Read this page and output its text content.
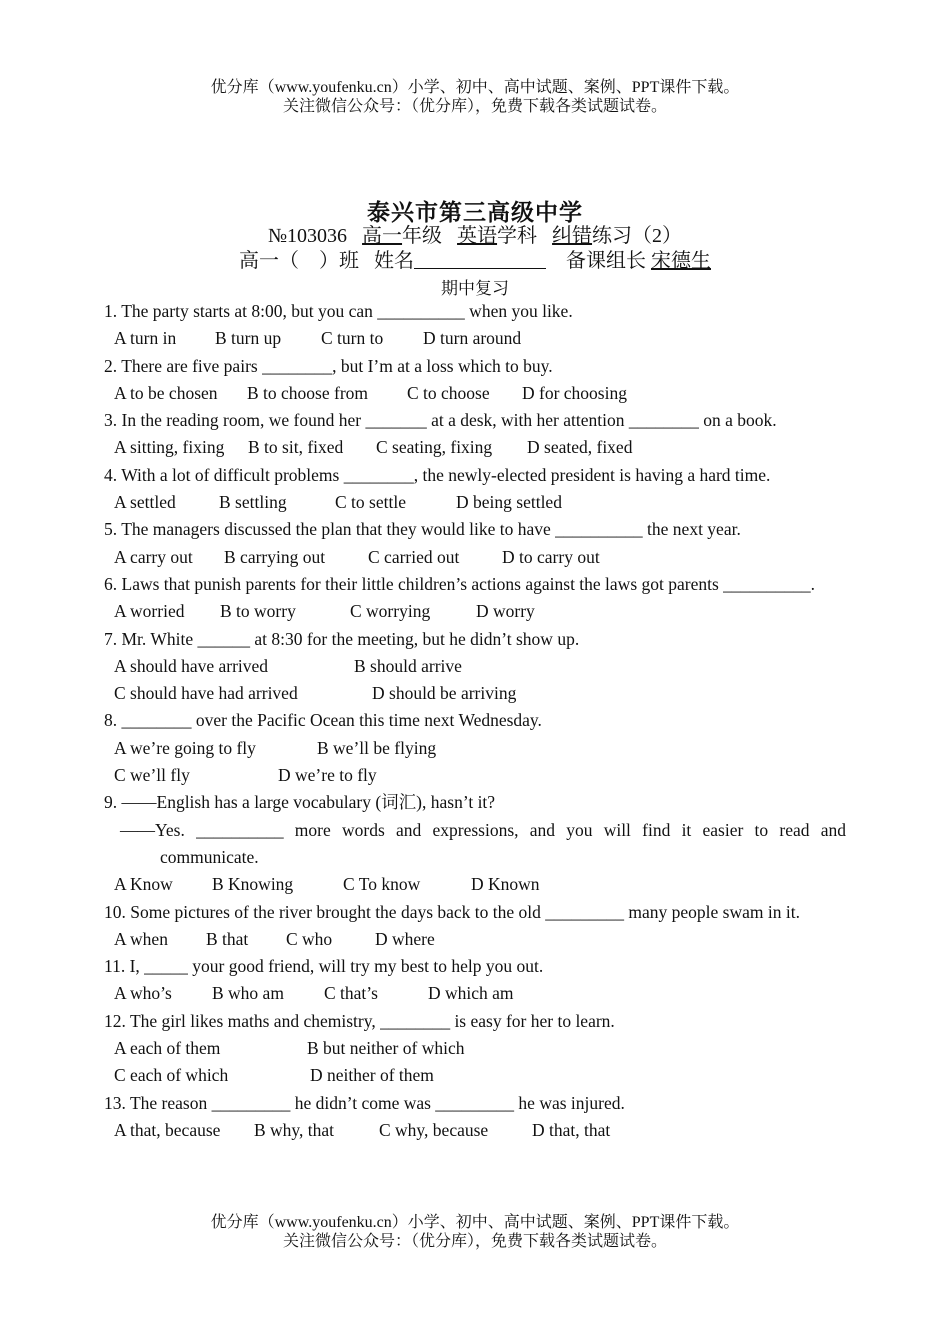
优分库（www.youfenku.cn）小学、初中、高中试题、案例、PPT课件下载。
关注微信公众号：（优分库），免费下载各类试题试卷。
泰兴市第三高级中学
№103036 高一年级 英语学科 纠错练习（2）
高一（　）班 姓名	备课组长 宋德生
期中复习
1. The party starts at 8:00, but you can __________ when you like.
A turn in B turn up C turn to D turn around
2. There are five pairs ________, but I’m at a loss which to buy.
A to be chosen B to choose from C to choose D for choosing
3. In the reading room, we found her _______ at a desk, with her attention ________ on a book.
A sitting, fixing B to sit, fixed C seating, fixing D seated, fixed
4. With a lot of difficult problems ________, the newly-elected president is having a hard time.
A settled B settling	C to settle	D being settled
5. The managers discussed the plan that they would like to have __________ the next year.
A carry out B carrying out C carried out D to carry out
6. Laws that punish parents for their little children’s actions against the laws got parents __________.
A worried B to worry	C worrying	D worry
7. Mr. White ______ at 8:30 for the meeting, but he didn’t show up.
A should have arrived	B should arrive
C should have had arrived	D should be arriving
8. ________ over the Pacific Ocean this time next Wednesday.
A we’re going to fly	B we’ll be flying
C we’ll fly	D we’re to fly
9. ——English has a large vocabulary (词汇), hasn’t it?
——Yes. __________ more words and expressions, and you will find it easier to read and communicate.
A Know B Knowing	C To know	D Known
10. Some pictures of the river brought the days back to the old _________ many people swam in it.
A when B that C who D where
11. I, _____ your good friend, will try my best to help you out.
A who’s B who am C that’s	D which am
12. The girl likes maths and chemistry, ________ is easy for her to learn.
A each of them	B but neither of which
C each of which	D neither of them
13. The reason _________ he didn’t come was _________ he was injured.
A that, because B why, that	C why, because	D that, that
优分库（www.youfenku.cn）小学、初中、高中试题、案例、PPT课件下载。
关注微信公众号：（优分库），免费下载各类试题试卷。
